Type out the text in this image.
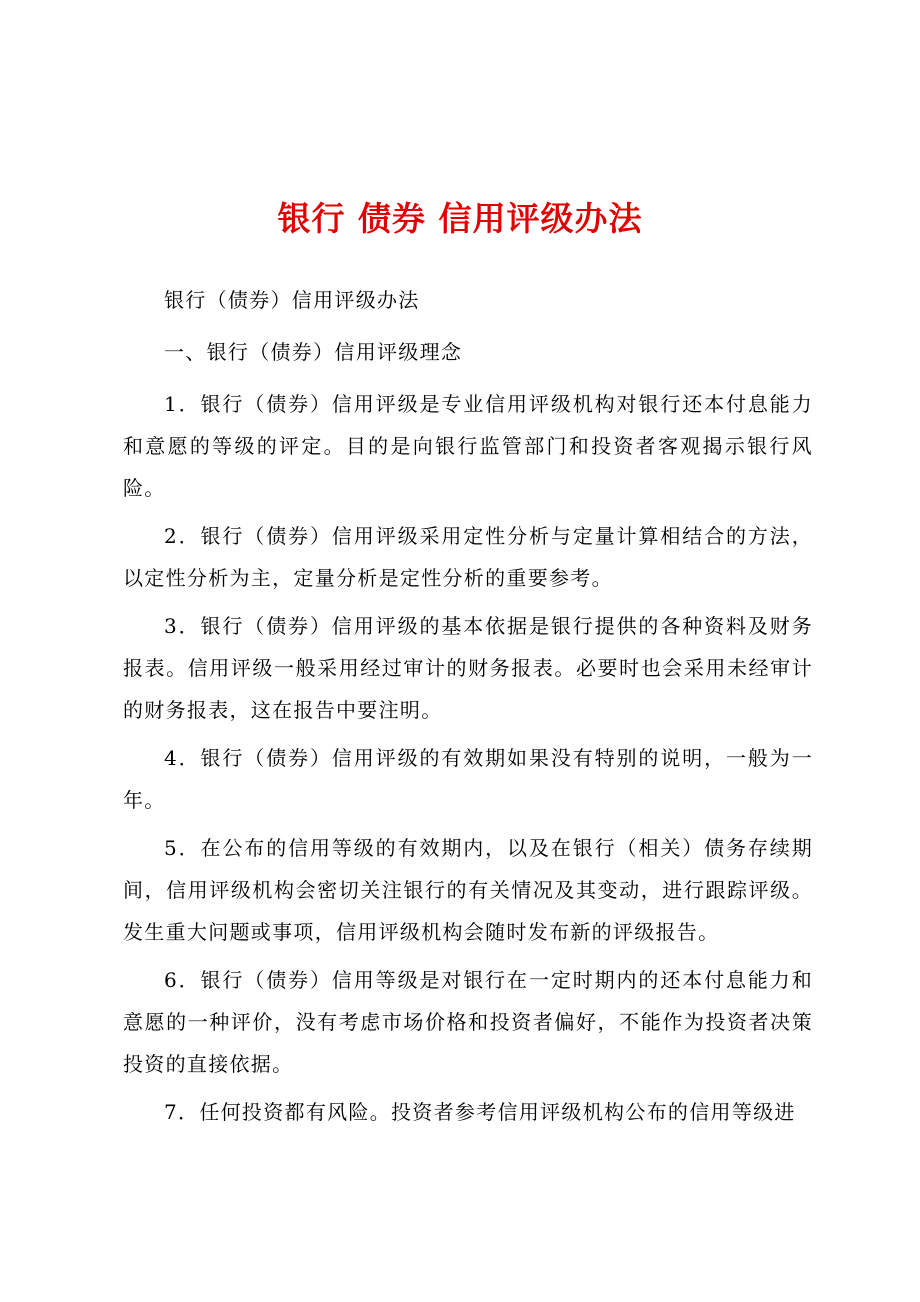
银行 债券 信用评级办法

银行（债券）信用评级办法

一、银行（债券）信用评级理念

1．银行（债券）信用评级是专业信用评级机构对银行还本付息能力和意愿的等级的评定。目的是向银行监管部门和投资者客观揭示银行风险。

2．银行（债券）信用评级采用定性分析与定量计算相结合的方法，以定性分析为主，定量分析是定性分析的重要参考。

3．银行（债券）信用评级的基本依据是银行提供的各种资料及财务报表。信用评级一般采用经过审计的财务报表。必要时也会采用未经审计的财务报表，这在报告中要注明。

4．银行（债券）信用评级的有效期如果没有特别的说明，一般为一年。

5．在公布的信用等级的有效期内，以及在银行（相关）债务存续期间，信用评级机构会密切关注银行的有关情况及其变动，进行跟踪评级。发生重大问题或事项，信用评级机构会随时发布新的评级报告。

6．银行（债券）信用等级是对银行在一定时期内的还本付息能力和意愿的一种评价，没有考虑市场价格和投资者偏好，不能作为投资者决策投资的直接依据。

7．任何投资都有风险。投资者参考信用评级机构公布的信用等级进
